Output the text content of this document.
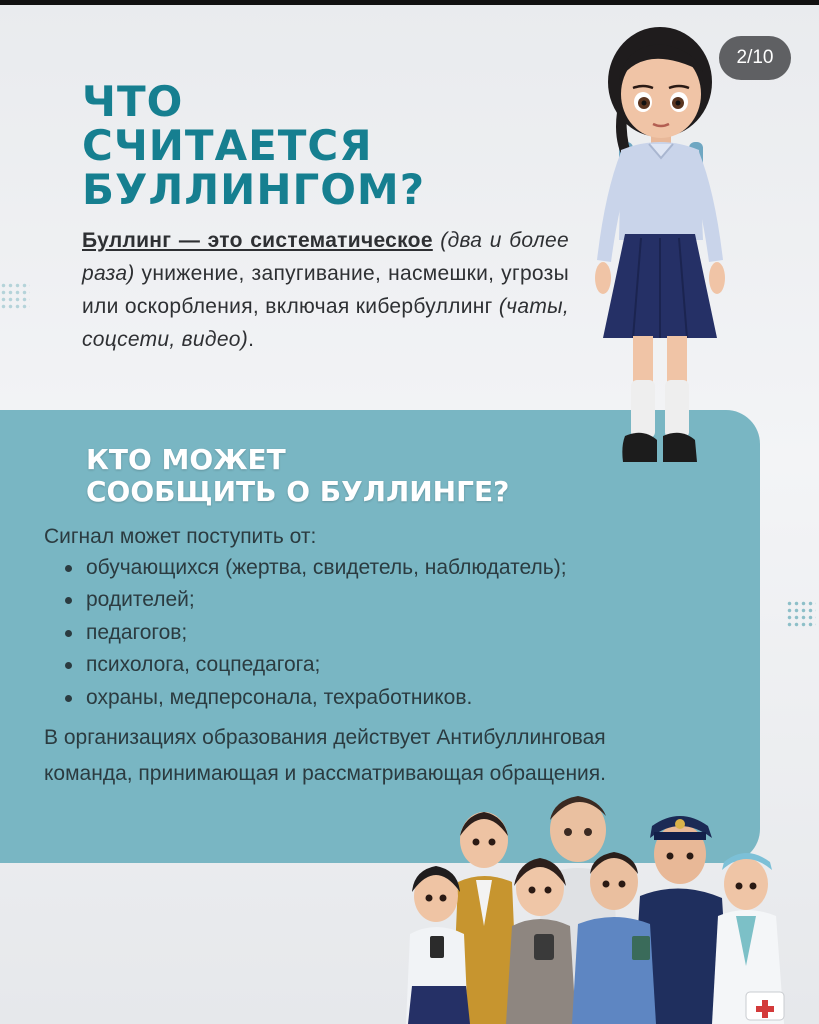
2/10
ЧТО
СЧИТАЕТСЯ
БУЛЛИНГОМ?

Буллинг — это систематическое (два и более раза) унижение, запугивание, насмешки, угрозы или оскорбления, включая кибербуллинг (чаты, соцсети, видео).

КТО МОЖЕТ
СООБЩИТЬ О БУЛЛИНГЕ?
Сигнал может поступить от:
обучающихся (жертва, свидетель, наблюдатель);
родителей;
педагогов;
психолога, соцпедагога;
охраны, медперсонала, техработников.

В организациях образования действует Антибуллинговая команда, принимающая и рассматривающая обращения.
